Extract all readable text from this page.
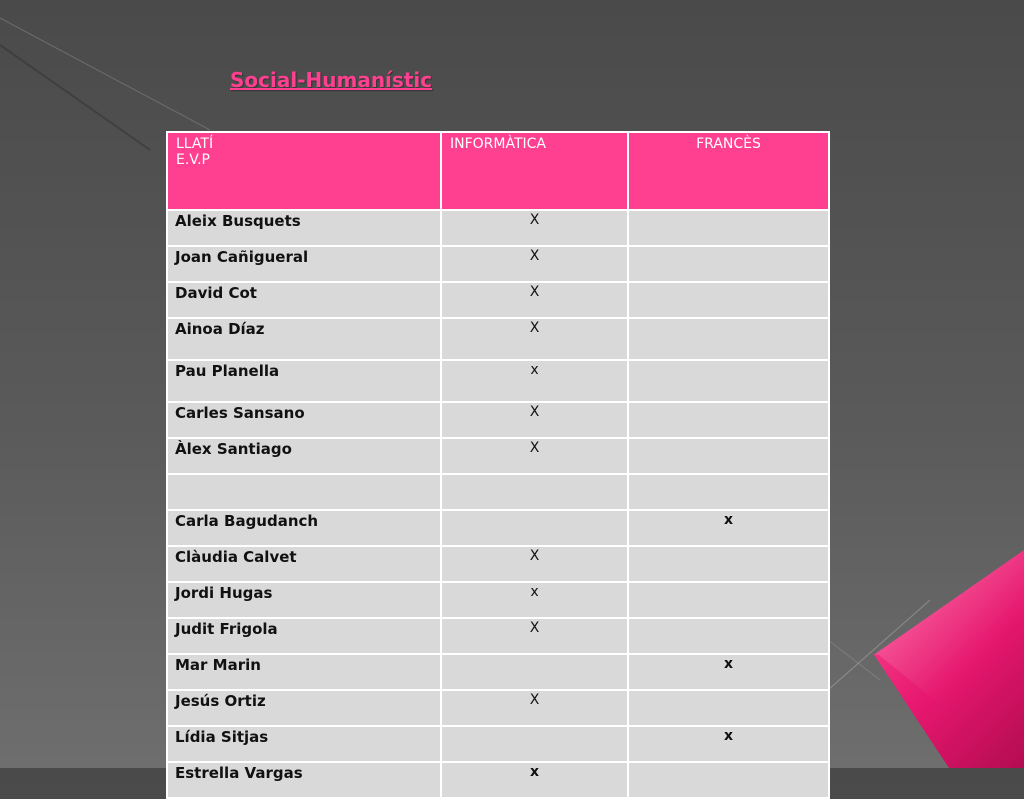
Social-Humanístic
LLATÍ
E.V.P	INFORMÀTICA	FRANCÈS
Aleix Busquets	X	
Joan Cañigueral	X	
David Cot	X	
Ainoa Díaz	X	
Pau Planella	x	
Carles Sansano	X	
Àlex Santiago	X	

Carla Bagudanch		x
Clàudia Calvet	X	
Jordi Hugas	x	
Judit Frigola	X	
Mar Marin		x
Jesús Ortiz	X	
Lídia Sitjas		x
Estrella Vargas	x	
